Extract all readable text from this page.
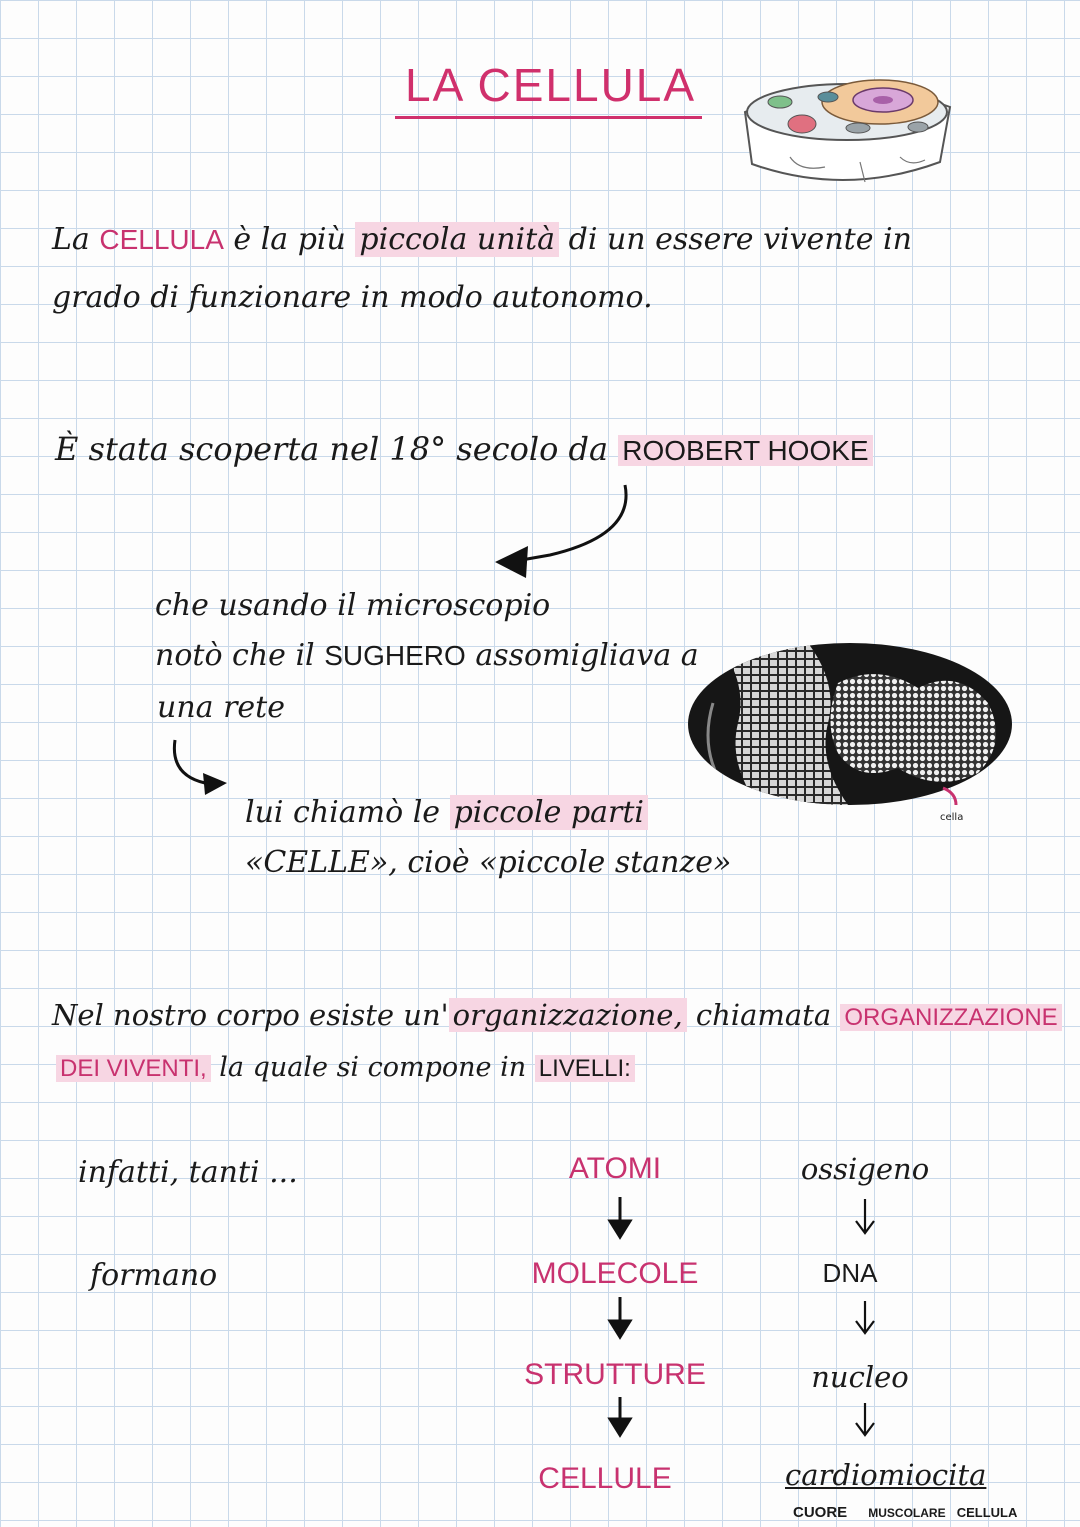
LA CELLULA
La CELLULA è la più piccola unità di un essere vivente in
grado di funzionare in modo autonomo.
È stata scoperta nel 18° secolo da ROOBERT HOOKE
che usando il microscopio
notò che il SUGHERO assomigliava a
una rete
lui chiamò le piccole parti
«CELLE», cioè «piccole stanze»
cella
Nel nostro corpo esiste un' organizzazione, chiamata ORGANIZZAZIONE
DEI VIVENTI, la quale si compone in LIVELLI:
infatti, tanti ...
formano
ATOMI
MOLECOLE
STRUTTURE
CELLULE
ossigeno
DNA
nucleo
cardiomiocita
CUORE MUSCOLARE CELLULA
